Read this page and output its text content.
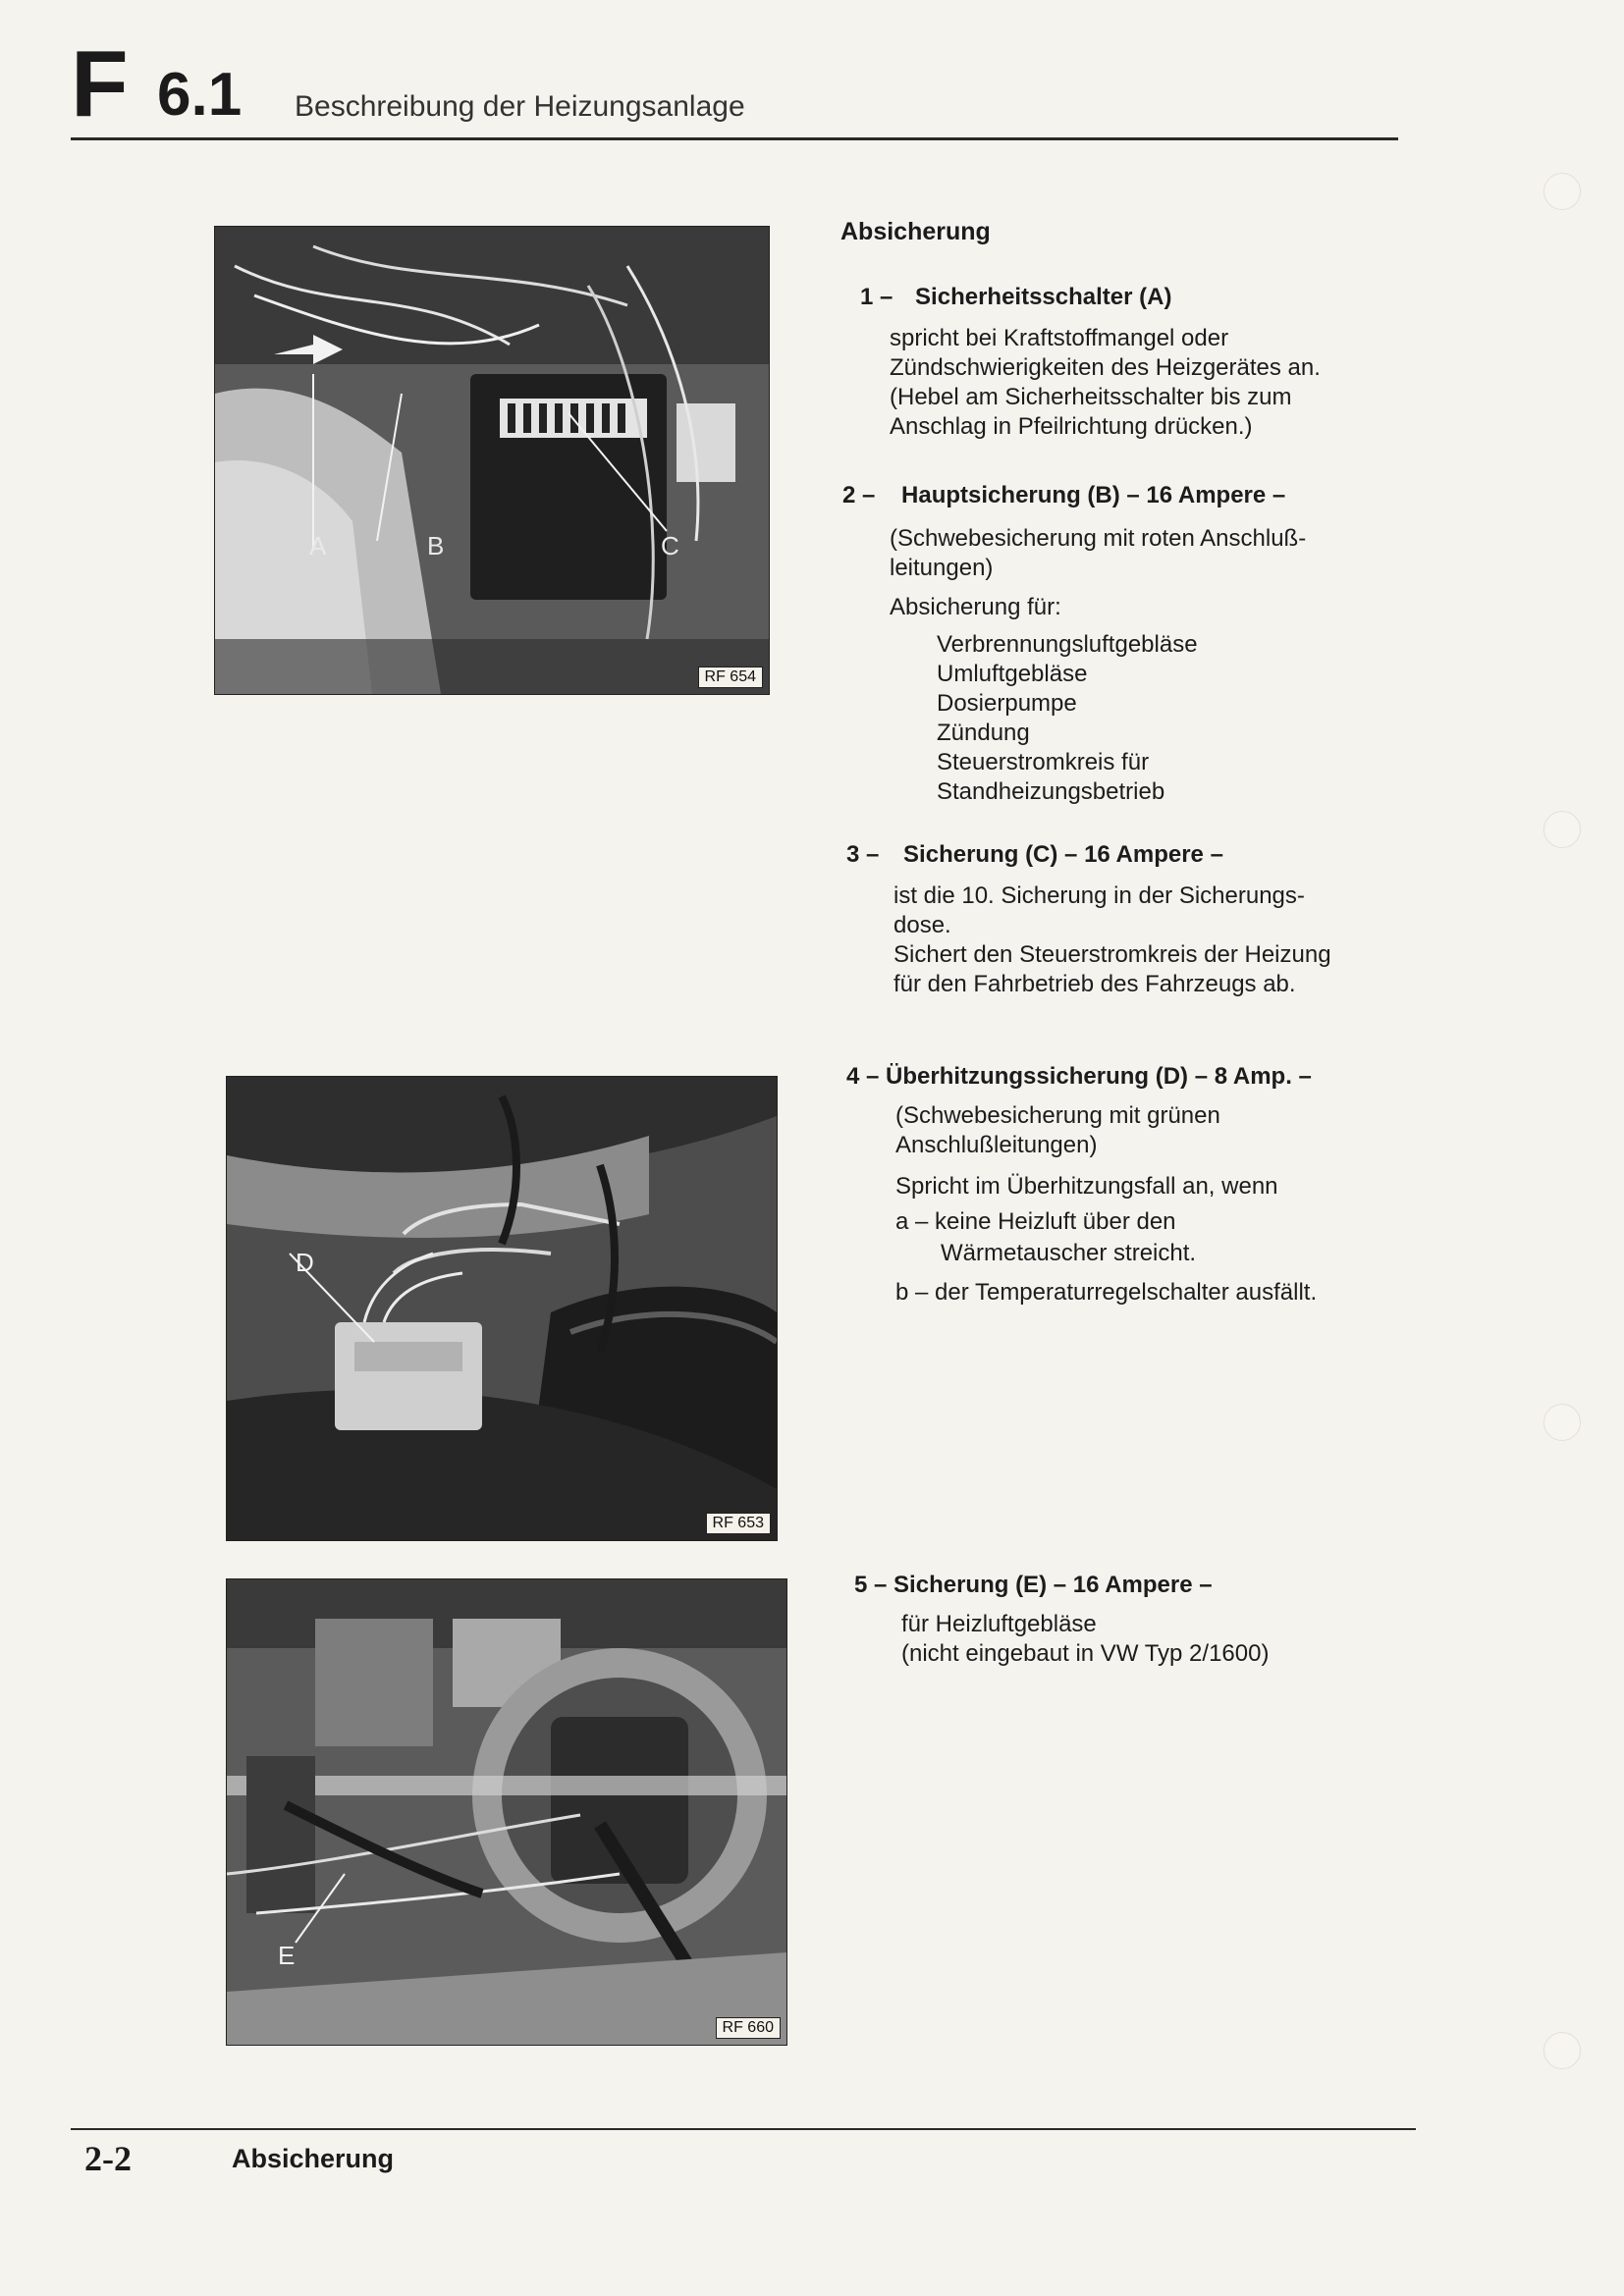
F 6.1 Beschreibung der Heizungsanlage
A	B	C
RF 654
D
RF 653
E
RF 660
Absicherung
1 – Sicherheitsschalter (A)
spricht bei Kraftstoffmangel oder
Zündschwierigkeiten des Heizgerätes an.
(Hebel am Sicherheitsschalter bis zum
Anschlag in Pfeilrichtung drücken.)
2 – Hauptsicherung (B) – 16 Ampere –
(Schwebesicherung mit roten Anschluß-
leitungen)
Absicherung für:
Verbrennungsluftgebläse
Umluftgebläse
Dosierpumpe
Zündung
Steuerstromkreis für
Standheizungsbetrieb
3 – Sicherung (C) – 16 Ampere –
ist die 10. Sicherung in der Sicherungs-
dose.
Sichert den Steuerstromkreis der Heizung
für den Fahrbetrieb des Fahrzeugs ab.
4 – Überhitzungssicherung (D) – 8 Amp. –
(Schwebesicherung mit grünen
Anschlußleitungen)
Spricht im Überhitzungsfall an, wenn
a – keine Heizluft über den
Wärmetauscher streicht.
b – der Temperaturregelschalter ausfällt.
5 – Sicherung (E) – 16 Ampere –
für Heizluftgebläse
(nicht eingebaut in VW Typ 2/1600)
2-2	Absicherung
